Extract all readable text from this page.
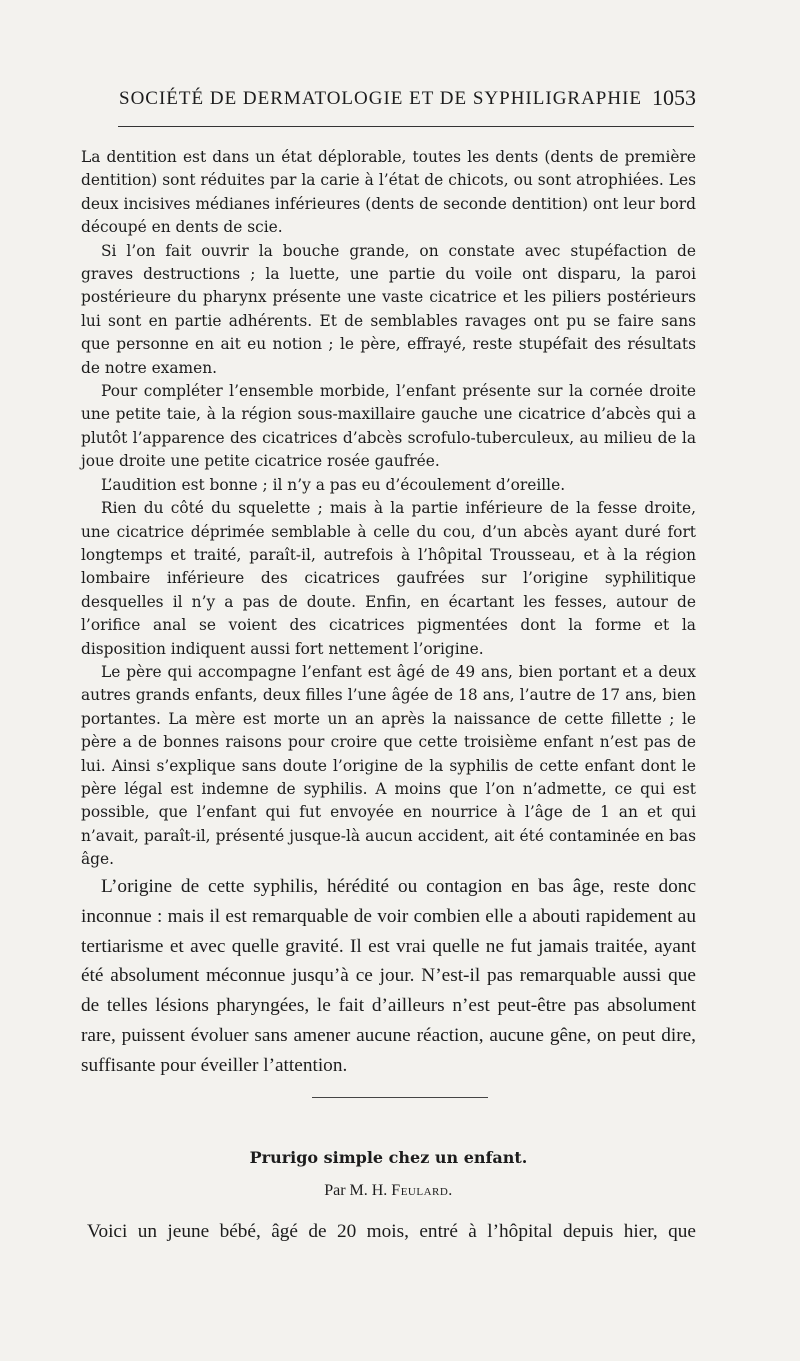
SOCIÉTÉ DE DERMATOLOGIE ET DE SYPHILIGRAPHIE 1053

La dentition est dans un état déplorable, toutes les dents (dents de première dentition) sont réduites par la carie à l’état de chicots, ou sont atrophiées. Les deux incisives médianes inférieures (dents de seconde dentition) ont leur bord découpé en dents de scie.

Si l’on fait ouvrir la bouche grande, on constate avec stupéfaction de graves destructions ; la luette, une partie du voile ont disparu, la paroi postérieure du pharynx présente une vaste cicatrice et les piliers postérieurs lui sont en partie adhérents. Et de semblables ravages ont pu se faire sans que personne en ait eu notion ; le père, effrayé, reste stupéfait des résultats de notre examen.

Pour compléter l’ensemble morbide, l’enfant présente sur la cornée droite une petite taie, à la région sous-maxillaire gauche une cicatrice d’abcès qui a plutôt l’apparence des cicatrices d’abcès scrofulo-tuberculeux, au milieu de la joue droite une petite cicatrice rosée gaufrée.

L’audition est bonne ; il n’y a pas eu d’écoulement d’oreille.

Rien du côté du squelette ; mais à la partie inférieure de la fesse droite, une cicatrice déprimée semblable à celle du cou, d’un abcès ayant duré fort longtemps et traité, paraît-il, autrefois à l’hôpital Trousseau, et à la région lombaire inférieure des cicatrices gaufrées sur l’origine syphilitique desquelles il n’y a pas de doute. Enfin, en écartant les fesses, autour de l’orifice anal se voient des cicatrices pigmentées dont la forme et la disposition indiquent aussi fort nettement l’origine.

Le père qui accompagne l’enfant est âgé de 49 ans, bien portant et a deux autres grands enfants, deux filles l’une âgée de 18 ans, l’autre de 17 ans, bien portantes. La mère est morte un an après la naissance de cette fillette ; le père a de bonnes raisons pour croire que cette troisième enfant n’est pas de lui. Ainsi s’explique sans doute l’origine de la syphilis de cette enfant dont le père légal est indemne de syphilis. A moins que l’on n’admette, ce qui est possible, que l’enfant qui fut envoyée en nourrice à l’âge de 1 an et qui n’avait, paraît-il, présenté jusque-là aucun accident, ait été contaminée en bas âge.

L’origine de cette syphilis, hérédité ou contagion en bas âge, reste donc inconnue : mais il est remarquable de voir combien elle a abouti rapidement au tertiarisme et avec quelle gravité. Il est vrai quelle ne fut jamais traitée, ayant été absolument méconnue jusqu’à ce jour. N’est-il pas remarquable aussi que de telles lésions pharyngées, le fait d’ailleurs n’est peut-être pas absolument rare, puissent évoluer sans amener aucune réaction, aucune gêne, on peut dire, suffisante pour éveiller l’attention.

Prurigo simple chez un enfant.
Par M. H. Feulard.
Voici un jeune bébé, âgé de 20 mois, entré à l’hôpital depuis hier, que
